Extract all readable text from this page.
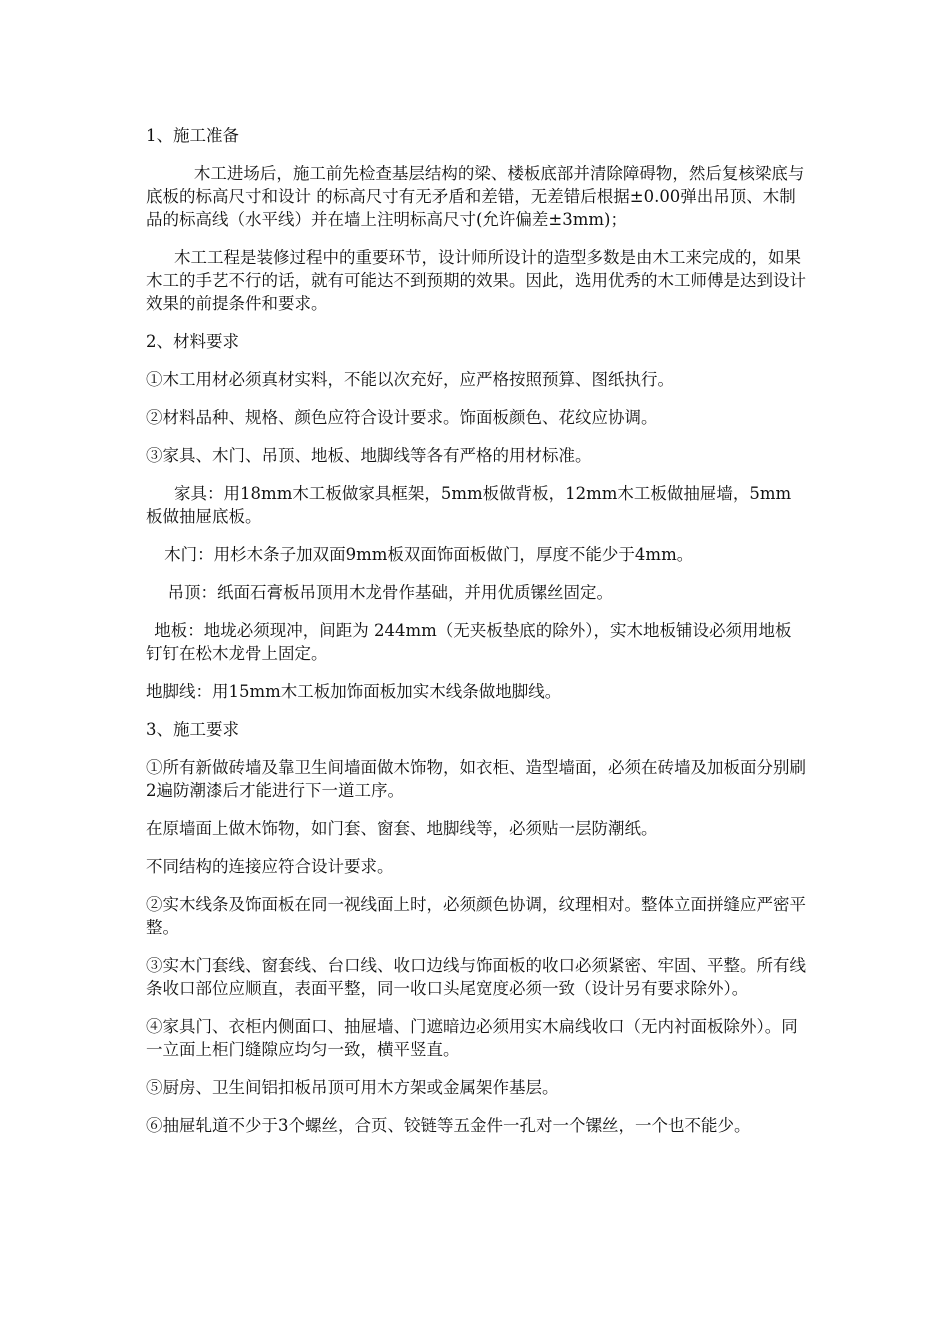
1、施工准备

木工进场后，施工前先检查基层结构的梁、楼板底部并清除障碍物，然后复核梁底与底板的标高尺寸和设计 的标高尺寸有无矛盾和差错，无差错后根据±0.00弹出吊顶、木制品的标高线（水平线）并在墙上注明标高尺寸(允许偏差±3mm)；

木工工程是装修过程中的重要环节，设计师所设计的造型多数是由木工来完成的，如果木工的手艺不行的话，就有可能达不到预期的效果。因此，选用优秀的木工师傅是达到设计效果的前提条件和要求。

2、材料要求

①木工用材必须真材实料，不能以次充好，应严格按照预算、图纸执行。

②材料品种、规格、颜色应符合设计要求。饰面板颜色、花纹应协调。

③家具、木门、吊顶、地板、地脚线等各有严格的用材标准。

家具：用18mm木工板做家具框架，5mm板做背板，12mm木工板做抽屉墙，5mm板做抽屉底板。

木门：用杉木条子加双面9mm板双面饰面板做门，厚度不能少于4mm。

吊顶：纸面石膏板吊顶用木龙骨作基础，并用优质镙丝固定。

地板：地垅必须现冲，间距为 244mm（无夹板垫底的除外），实木地板铺设必须用地板钉钉在松木龙骨上固定。

地脚线：用15mm木工板加饰面板加实木线条做地脚线。

3、施工要求

①所有新做砖墙及靠卫生间墙面做木饰物，如衣柜、造型墙面，必须在砖墙及加板面分别刷2遍防潮漆后才能进行下一道工序。

在原墙面上做木饰物，如门套、窗套、地脚线等，必须贴一层防潮纸。

不同结构的连接应符合设计要求。

②实木线条及饰面板在同一视线面上时，必须颜色协调，纹理相对。整体立面拼缝应严密平整。

③实木门套线、窗套线、台口线、收口边线与饰面板的收口必须紧密、牢固、平整。所有线条收口部位应顺直，表面平整，同一收口头尾宽度必须一致（设计另有要求除外）。

④家具门、衣柜内侧面口、抽屉墙、门遮暗边必须用实木扁线收口（无内衬面板除外）。同一立面上柜门缝隙应均匀一致，横平竖直。

⑤厨房、卫生间铝扣板吊顶可用木方架或金属架作基层。

⑥抽屉轧道不少于3个螺丝，合页、铰链等五金件一孔对一个镙丝，一个也不能少。
